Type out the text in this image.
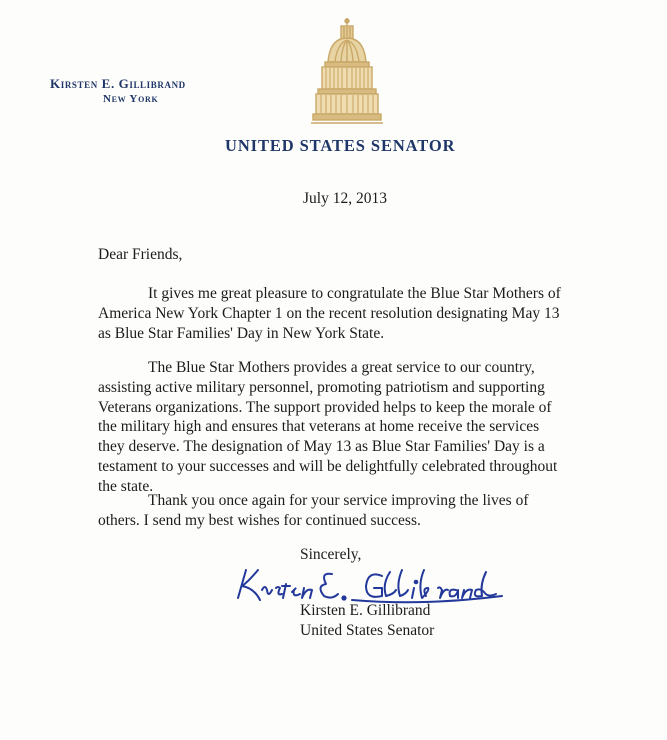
Kirsten E. Gillibrand
New York
UNITED STATES SENATOR
July 12, 2013
Dear Friends,

It gives me great pleasure to congratulate the Blue Star Mothers of America New York Chapter 1 on the recent resolution designating May 13 as Blue Star Families' Day in New York State.

The Blue Star Mothers provides a great service to our country, assisting active military personnel, promoting patriotism and supporting Veterans organizations. The support provided helps to keep the morale of the military high and ensures that veterans at home receive the services they deserve. The designation of May 13 as Blue Star Families' Day is a testament to your successes and will be delightfully celebrated throughout the state.

Thank you once again for your service improving the lives of others. I send my best wishes for continued success.

Sincerely,
Kirsten E. Gillibrand
United States Senator
